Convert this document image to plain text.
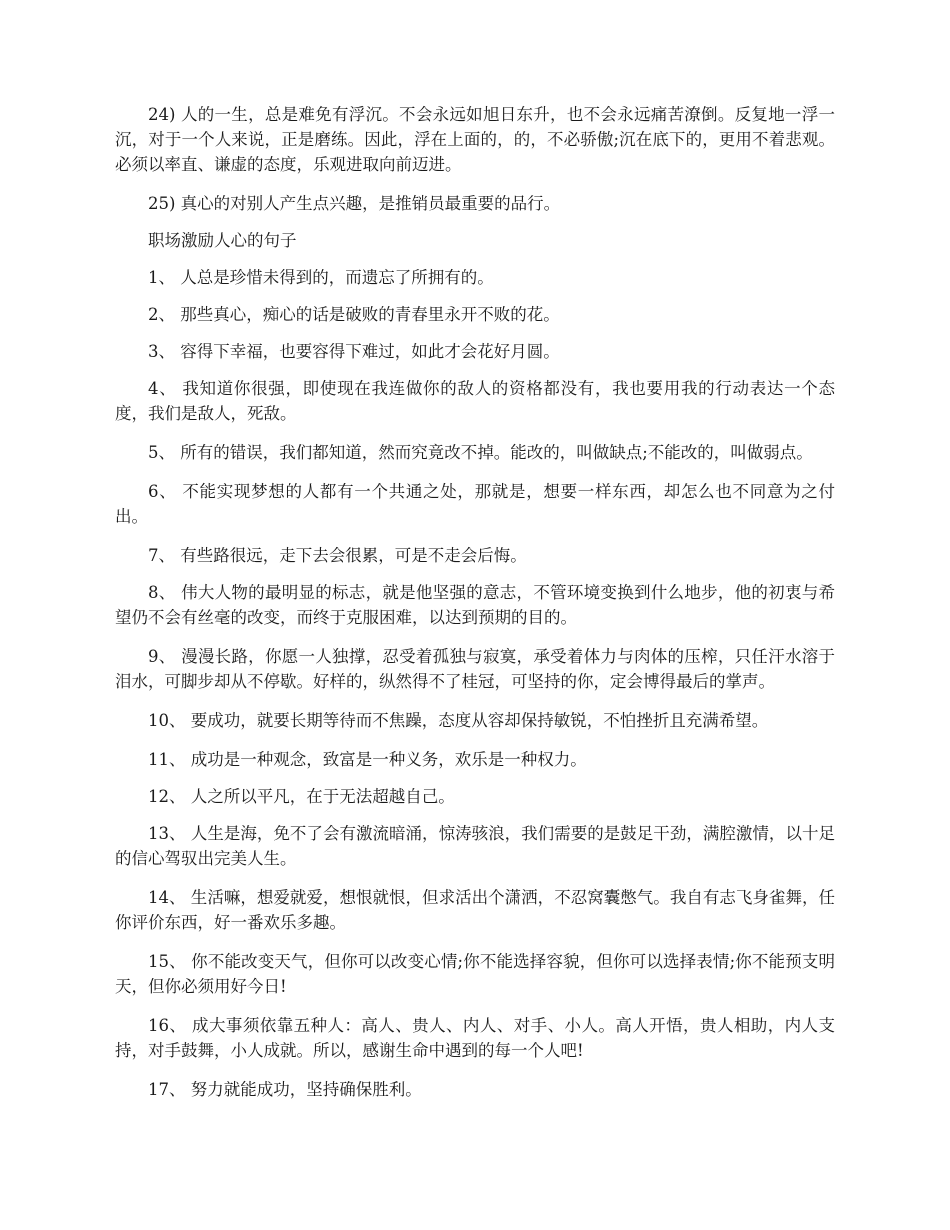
24) 人的一生，总是难免有浮沉。不会永远如旭日东升，也不会永远痛苦潦倒。反复地一浮一沉，对于一个人来说，正是磨练。因此，浮在上面的，的，不必骄傲;沉在底下的，更用不着悲观。必须以率直、谦虚的态度，乐观进取向前迈进。

25) 真心的对别人产生点兴趣，是推销员最重要的品行。

职场激励人心的句子

1、 人总是珍惜未得到的，而遗忘了所拥有的。

2、 那些真心，痴心的话是破败的青春里永开不败的花。

3、 容得下幸福，也要容得下难过，如此才会花好月圆。

4、 我知道你很强，即使现在我连做你的敌人的资格都没有，我也要用我的行动表达一个态度，我们是敌人，死敌。

5、 所有的错误，我们都知道，然而究竟改不掉。能改的，叫做缺点;不能改的，叫做弱点。

6、 不能实现梦想的人都有一个共通之处，那就是，想要一样东西，却怎么也不同意为之付出。

7、 有些路很远，走下去会很累，可是不走会后悔。

8、 伟大人物的最明显的标志，就是他坚强的意志，不管环境变换到什么地步，他的初衷与希望仍不会有丝毫的改变，而终于克服困难，以达到预期的目的。

9、 漫漫长路，你愿一人独撑，忍受着孤独与寂寞，承受着体力与肉体的压榨，只任汗水溶于泪水，可脚步却从不停歇。好样的，纵然得不了桂冠，可坚持的你，定会博得最后的掌声。

10、 要成功，就要长期等待而不焦躁，态度从容却保持敏锐，不怕挫折且充满希望。

11、 成功是一种观念，致富是一种义务，欢乐是一种权力。

12、 人之所以平凡，在于无法超越自己。

13、 人生是海，免不了会有激流暗涌，惊涛骇浪，我们需要的是鼓足干劲，满腔激情，以十足的信心驾驭出完美人生。

14、 生活嘛，想爱就爱，想恨就恨，但求活出个潇洒，不忍窝囊憋气。我自有志飞身雀舞，任你评价东西，好一番欢乐多趣。

15、 你不能改变天气，但你可以改变心情;你不能选择容貌，但你可以选择表情;你不能预支明天，但你必须用好今日!

16、 成大事须依靠五种人：高人、贵人、内人、对手、小人。高人开悟，贵人相助，内人支持，对手鼓舞，小人成就。所以，感谢生命中遇到的每一个人吧!

17、 努力就能成功，坚持确保胜利。
